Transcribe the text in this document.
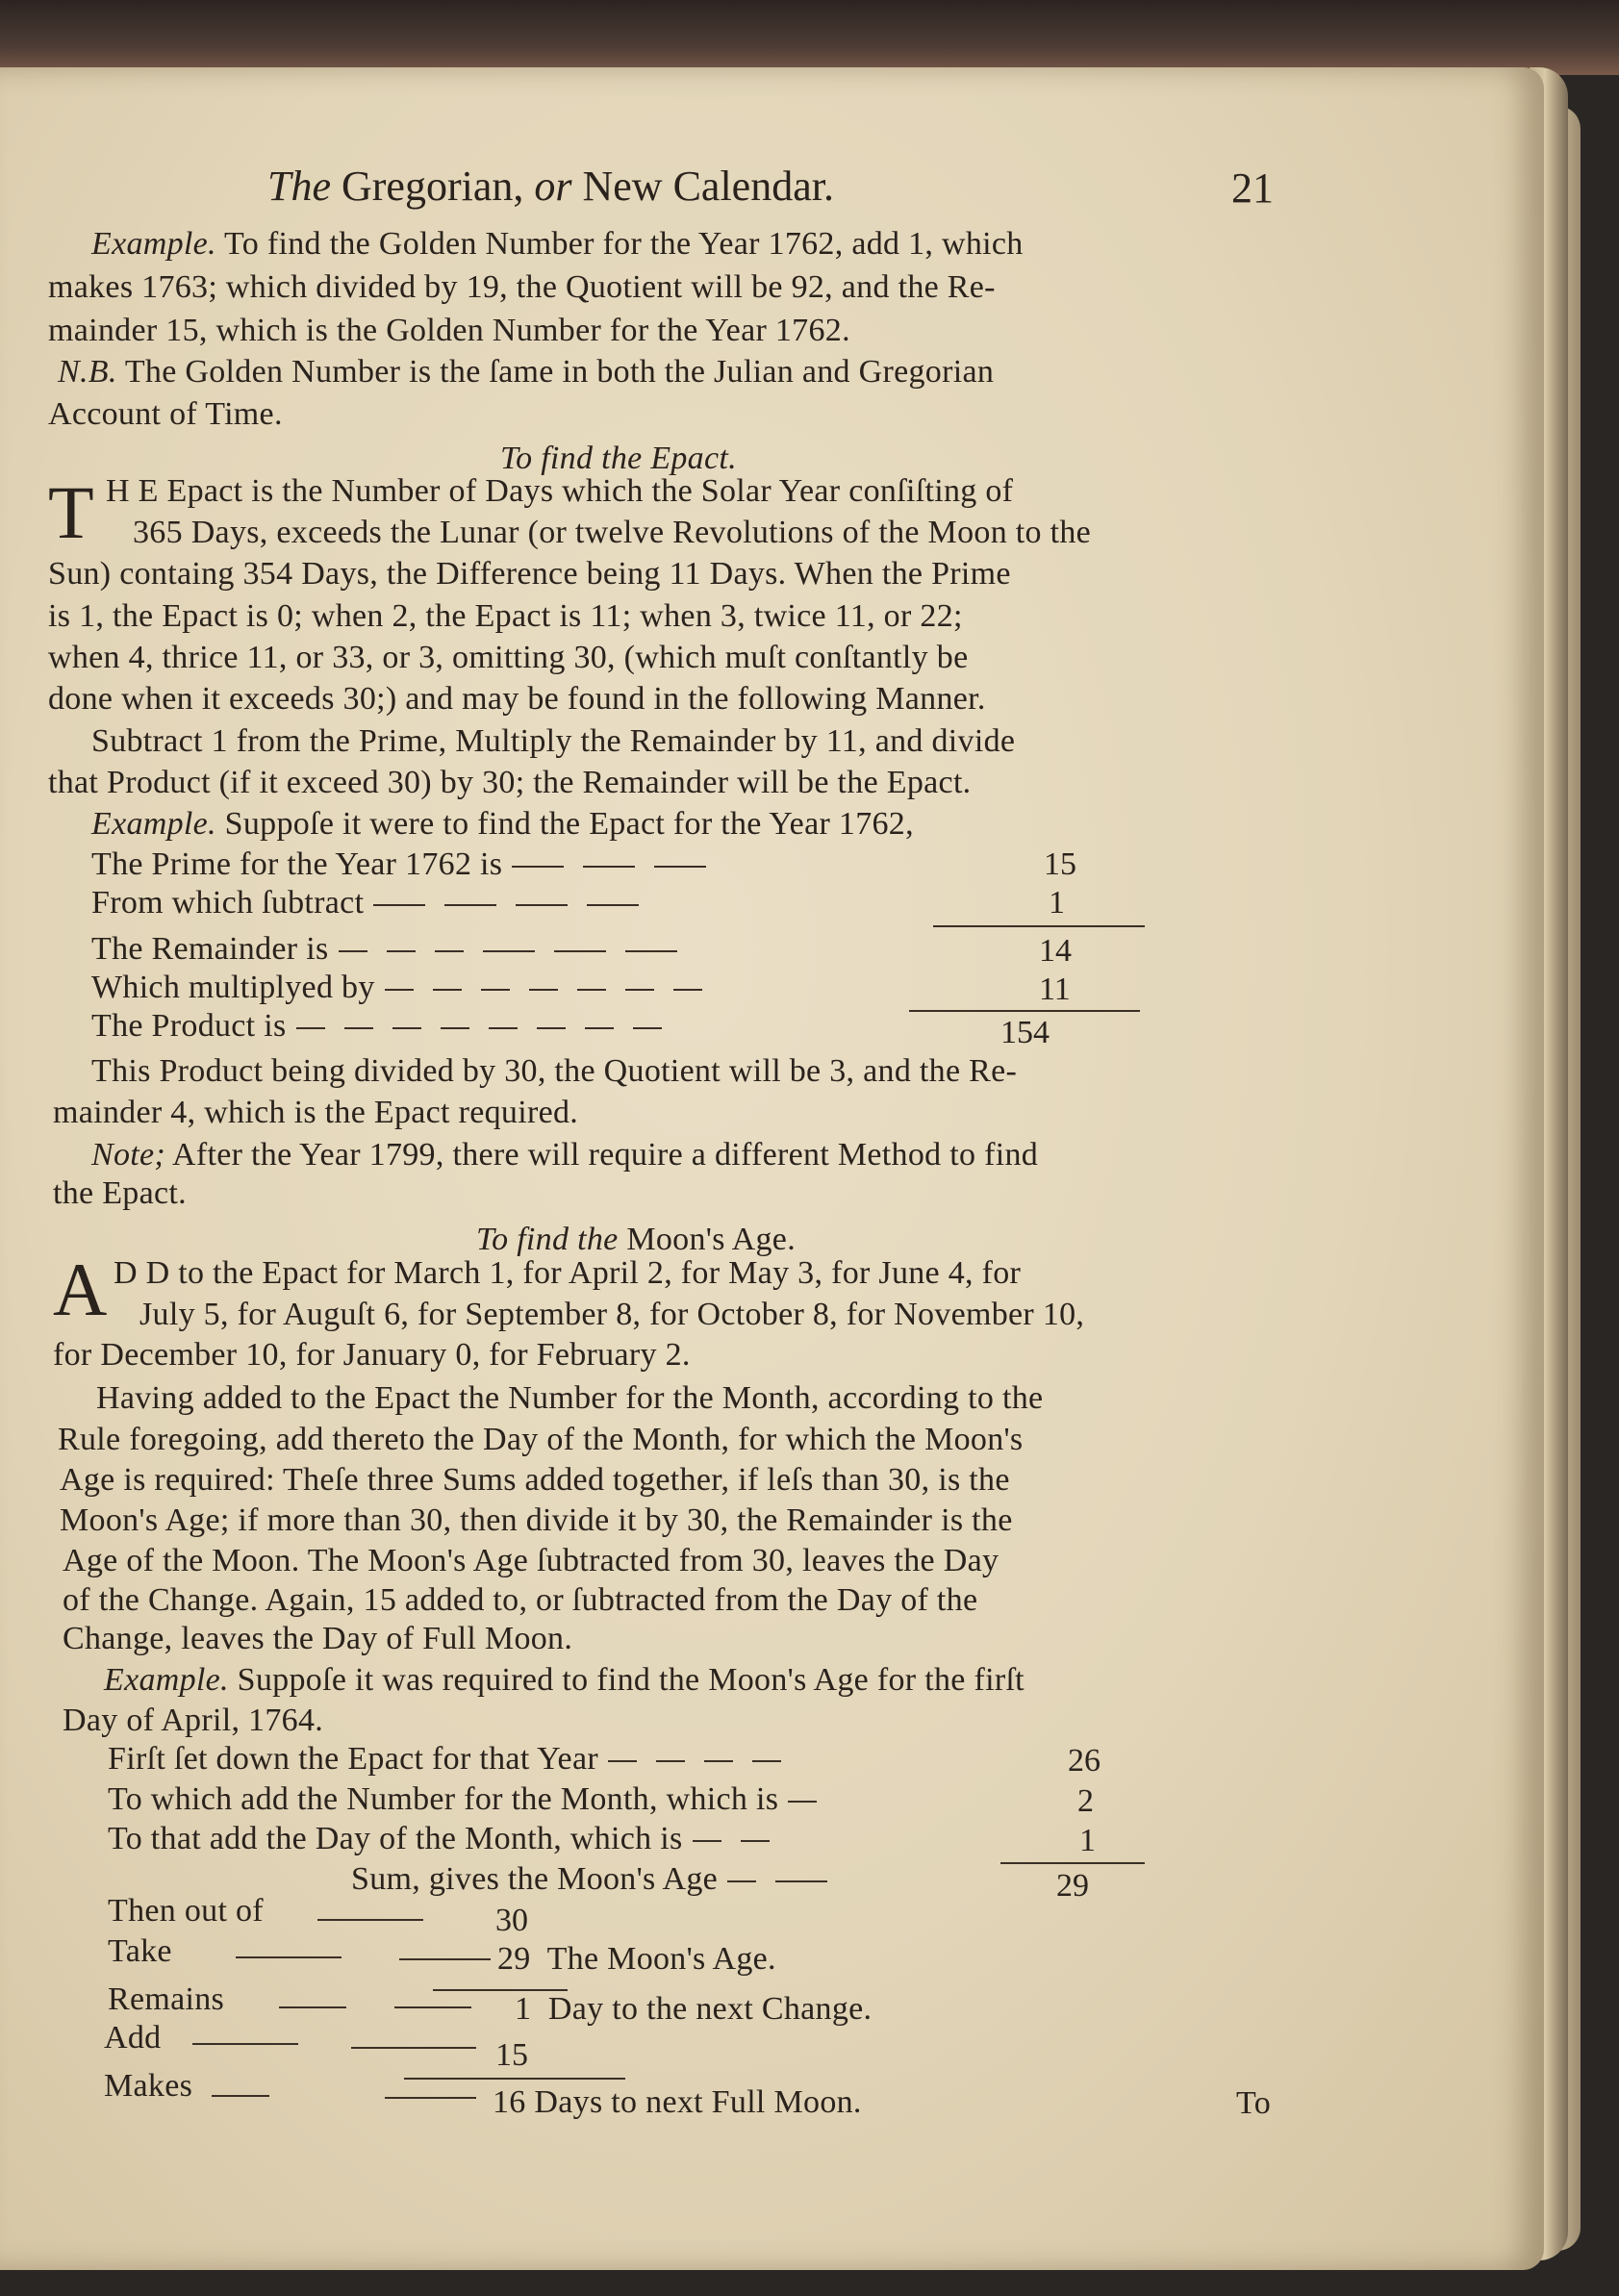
The Gregorian, or New Calendar.	21
Example. To find the Golden Number for the Year 1762, add 1, which
makes 1763; which divided by 19, the Quotient will be 92, and the Re-
mainder 15, which is the Golden Number for the Year 1762.
N.B. The Golden Number is the ſame in both the Julian and Gregorian
Account of Time.
To find the Epact.
T H E Epact is the Number of Days which the Solar Year conſiſting of
365 Days, exceeds the Lunar (or twelve Revolutions of the Moon to the
Sun) containg 354 Days, the Difference being 11 Days. When the Prime
is 1, the Epact is 0; when 2, the Epact is 11; when 3, twice 11, or 22;
when 4, thrice 11, or 33, or 3, omitting 30, (which muſt conſtantly be
done when it exceeds 30;) and may be found in the following Manner.
Subtract 1 from the Prime, Multiply the Remainder by 11, and divide
that Product (if it exceed 30) by 30; the Remainder will be the Epact.
Example. Suppoſe it were to find the Epact for the Year 1762,
The Prime for the Year 1762 is	15
From which ſubtract	1
The Remainder is	14
Which multiplyed by	11
The Product is	154
This Product being divided by 30, the Quotient will be 3, and the Re-
mainder 4, which is the Epact required.
Note; After the Year 1799, there will require a different Method to find
the Epact.
To find the Moon's Age.
A D D to the Epact for March 1, for April 2, for May 3, for June 4, for
July 5, for Auguſt 6, for September 8, for October 8, for November 10,
for December 10, for January 0, for February 2.
Having added to the Epact the Number for the Month, according to the
Rule foregoing, add thereto the Day of the Month, for which the Moon's
Age is required: Theſe three Sums added together, if leſs than 30, is the
Moon's Age; if more than 30, then divide it by 30, the Remainder is the
Age of the Moon. The Moon's Age ſubtracted from 30, leaves the Day
of the Change. Again, 15 added to, or ſubtracted from the Day of the
Change, leaves the Day of Full Moon.
Example. Suppoſe it was required to find the Moon's Age for the firſt
Day of April, 1764.
Firſt ſet down the Epact for that Year	26
To which add the Number for the Month, which is	2
To that add the Day of the Month, which is	1
Sum, gives the Moon's Age	29
Then out of	30
Take	29 The Moon's Age.
Remains	1 Day to the next Change.
Add	15
Makes	16 Days to next Full Moon.	To
